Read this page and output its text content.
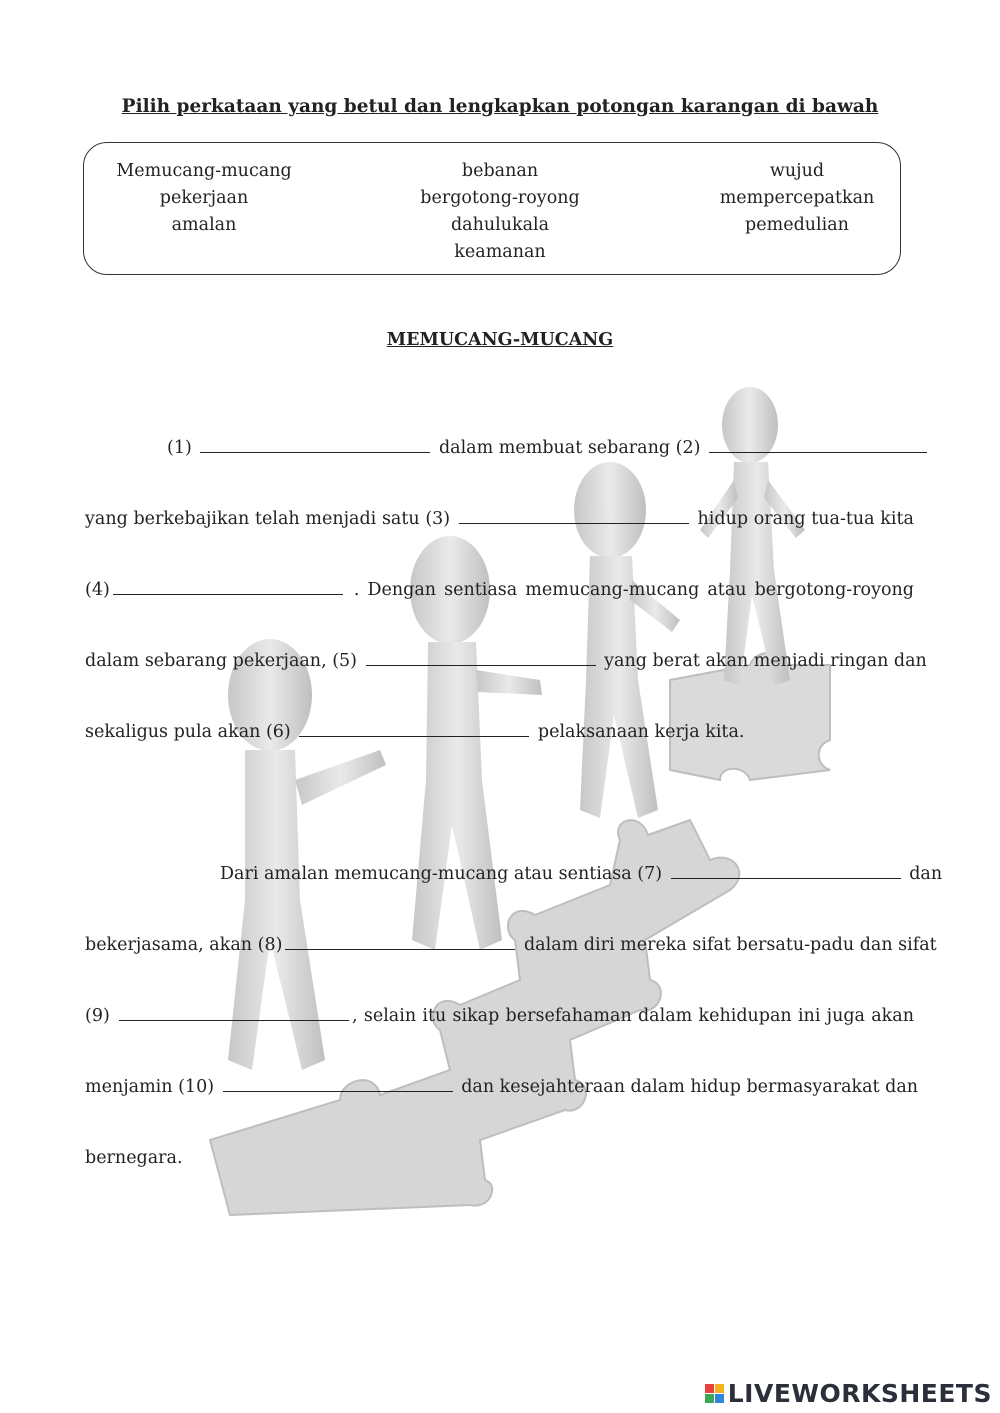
Pilih perkataan yang betul dan lengkapkan potongan karangan di bawah
Memucang-mucang
pekerjaan
amalan
bebanan
bergotong-royong
dahulukala
keamanan
wujud
mempercepatkan
pemedulian
MEMUCANG-MUCANG
(1)	dalam membuat sebarang (2)
yang berkebajikan telah menjadi satu (3)	hidup orang tua-tua kita
(4)	. Dengan sentiasa memucang-mucang atau bergotong-royong
dalam sebarang pekerjaan, (5)	yang berat akan menjadi ringan dan
sekaligus pula akan (6)	pelaksanaan kerja kita.
Dari amalan memucang-mucang atau sentiasa (7)	dan
bekerjasama, akan (8)	dalam diri mereka sifat bersatu-padu dan sifat
(9)	, selain itu sikap bersefahaman dalam kehidupan ini juga akan
menjamin (10)	dan kesejahteraan dalam hidup bermasyarakat dan
bernegara.
LIVEWORKSHEETS
